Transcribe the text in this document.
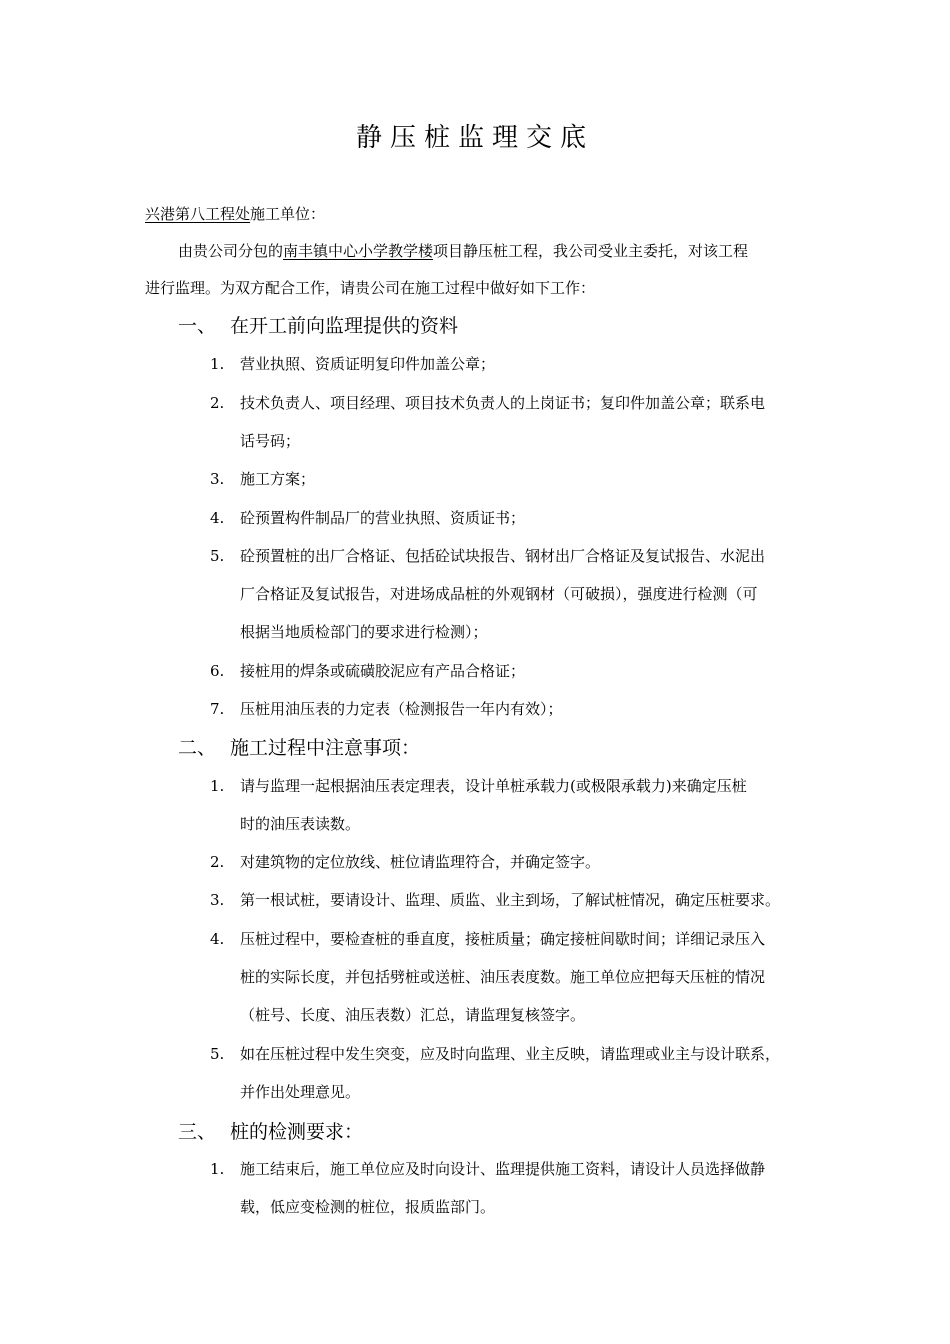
静压桩监理交底
兴港第八工程处施工单位：
由贵公司分包的南丰镇中心小学教学楼项目静压桩工程，我公司受业主委托，对该工程
进行监理。为双方配合工作，请贵公司在施工过程中做好如下工作：
一、 在开工前向监理提供的资料
1. 营业执照、资质证明复印件加盖公章；
2. 技术负责人、项目经理、项目技术负责人的上岗证书；复印件加盖公章；联系电
话号码；
3. 施工方案；
4. 砼预置构件制品厂的营业执照、资质证书；
5. 砼预置桩的出厂合格证、包括砼试块报告、钢材出厂合格证及复试报告、水泥出
厂合格证及复试报告，对进场成品桩的外观钢材（可破损），强度进行检测（可
根据当地质检部门的要求进行检测）；
6. 接桩用的焊条或硫磺胶泥应有产品合格证；
7. 压桩用油压表的力定表（检测报告一年内有效）；
二、 施工过程中注意事项：
1. 请与监理一起根据油压表定理表，设计单桩承载力(或极限承载力)来确定压桩
时的油压表读数。
2. 对建筑物的定位放线、桩位请监理符合，并确定签字。
3. 第一根试桩，要请设计、监理、质监、业主到场，了解试桩情况，确定压桩要求。
4. 压桩过程中，要检查桩的垂直度，接桩质量；确定接桩间歇时间；详细记录压入
桩的实际长度，并包括劈桩或送桩、油压表度数。施工单位应把每天压桩的情况
（桩号、长度、油压表数）汇总，请监理复核签字。
5. 如在压桩过程中发生突变，应及时向监理、业主反映，请监理或业主与设计联系，
并作出处理意见。
三、 桩的检测要求：
1. 施工结束后，施工单位应及时向设计、监理提供施工资料，请设计人员选择做静
载，低应变检测的桩位，报质监部门。
